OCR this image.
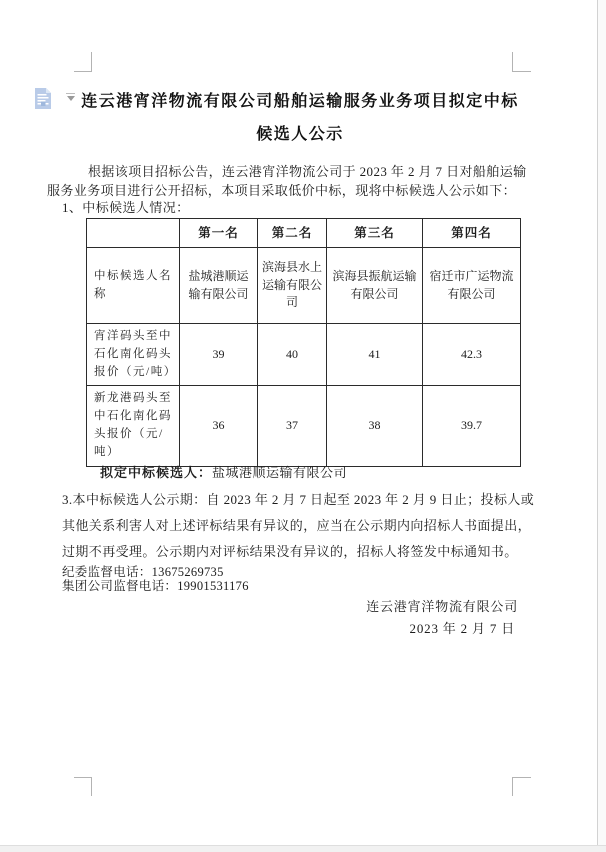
连云港宵洋物流有限公司船舶运输服务业务项目拟定中标
候选人公示
根据该项目招标公告，连云港宵洋物流公司于 2023 年 2 月 7 日对船舶运输
服务业务项目进行公开招标，本项目采取低价中标，现将中标候选人公示如下：
1、中标候选人情况：
	第一名	第二名	第三名	第四名
中标候选人名称	盐城港顺运输有限公司	滨海县水上运输有限公司	滨海县振航运输有限公司	宿迁市广运物流有限公司
宵洋码头至中石化南化码头报价（元/吨）	39	40	41	42.3
新龙港码头至中石化南化码头报价（元/吨）	36	37	38	39.7
拟定中标候选人：盐城港顺运输有限公司
3.本中标候选人公示期：自 2023 年 2 月 7 日起至 2023 年 2 月 9 日止；投标人或
其他关系利害人对上述评标结果有异议的，应当在公示期内向招标人书面提出，
过期不再受理。公示期内对评标结果没有异议的，招标人将签发中标通知书。
纪委监督电话：13675269735
集团公司监督电话：19901531176
连云港宵洋物流有限公司
2023 年 2 月 7 日
